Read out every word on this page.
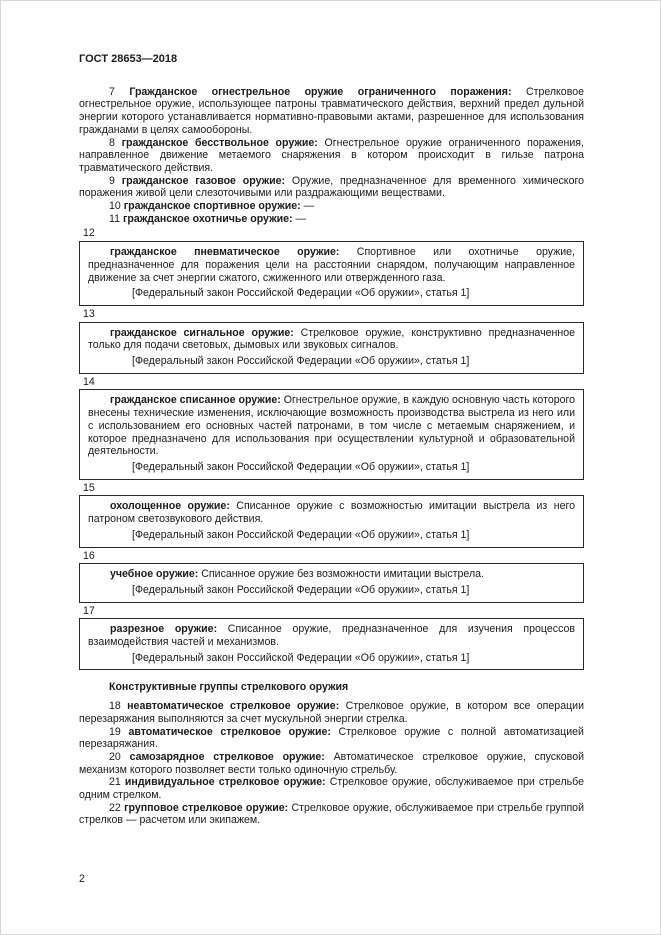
ГОСТ 28653—2018

7 Гражданское огнестрельное оружие ограниченного поражения: Стрелковое огнестрельное оружие, использующее патроны травматического действия, верхний предел дульной энергии которого устанавливается нормативно-правовыми актами, разрешенное для использования гражданами в целях самообороны.

8 гражданское бесствольное оружие: Огнестрельное оружие ограниченного поражения, направленное движение метаемого снаряжения в котором происходит в гильзе патрона травматического действия.

9 гражданское газовое оружие: Оружие, предназначенное для временного химического поражения живой цели слезоточивыми или раздражающими веществами.

10 гражданское спортивное оружие: —

11 гражданское охотничье оружие: —

12

гражданское пневматическое оружие: Спортивное или охотничье оружие, предназначенное для поражения цели на расстоянии снарядом, получающим направленное движение за счет энергии сжатого, сжиженного или отвержденного газа.

[Федеральный закон Российской Федерации «Об оружии», статья 1]

13

гражданское сигнальное оружие: Стрелковое оружие, конструктивно предназначенное только для подачи световых, дымовых или звуковых сигналов.

[Федеральный закон Российской Федерации «Об оружии», статья 1]

14

гражданское списанное оружие: Огнестрельное оружие, в каждую основную часть которого внесены технические изменения, исключающие возможность производства выстрела из него или с использованием его основных частей патронами, в том числе с метаемым снаряжением, и которое предназначено для использования при осуществлении культурной и образовательной деятельности.

[Федеральный закон Российской Федерации «Об оружии», статья 1]

15

охолощенное оружие: Списанное оружие с возможностью имитации выстрела из него патроном светозвукового действия.

[Федеральный закон Российской Федерации «Об оружии», статья 1]

16

учебное оружие: Списанное оружие без возможности имитации выстрела.

[Федеральный закон Российской Федерации «Об оружии», статья 1]

17

разрезное оружие: Списанное оружие, предназначенное для изучения процессов взаимодействия частей и механизмов.

[Федеральный закон Российской Федерации «Об оружии», статья 1]

Конструктивные группы стрелкового оружия

18 неавтоматическое стрелковое оружие: Стрелковое оружие, в котором все операции перезаряжания выполняются за счет мускульной энергии стрелка.

19 автоматическое стрелковое оружие: Стрелковое оружие с полной автоматизацией перезаряжания.

20 самозарядное стрелковое оружие: Автоматическое стрелковое оружие, спусковой механизм которого позволяет вести только одиночную стрельбу.

21 индивидуальное стрелковое оружие: Стрелковое оружие, обслуживаемое при стрельбе одним стрелком.

22 групповое стрелковое оружие: Стрелковое оружие, обслуживаемое при стрельбе группой стрелков — расчетом или экипажем.

2
